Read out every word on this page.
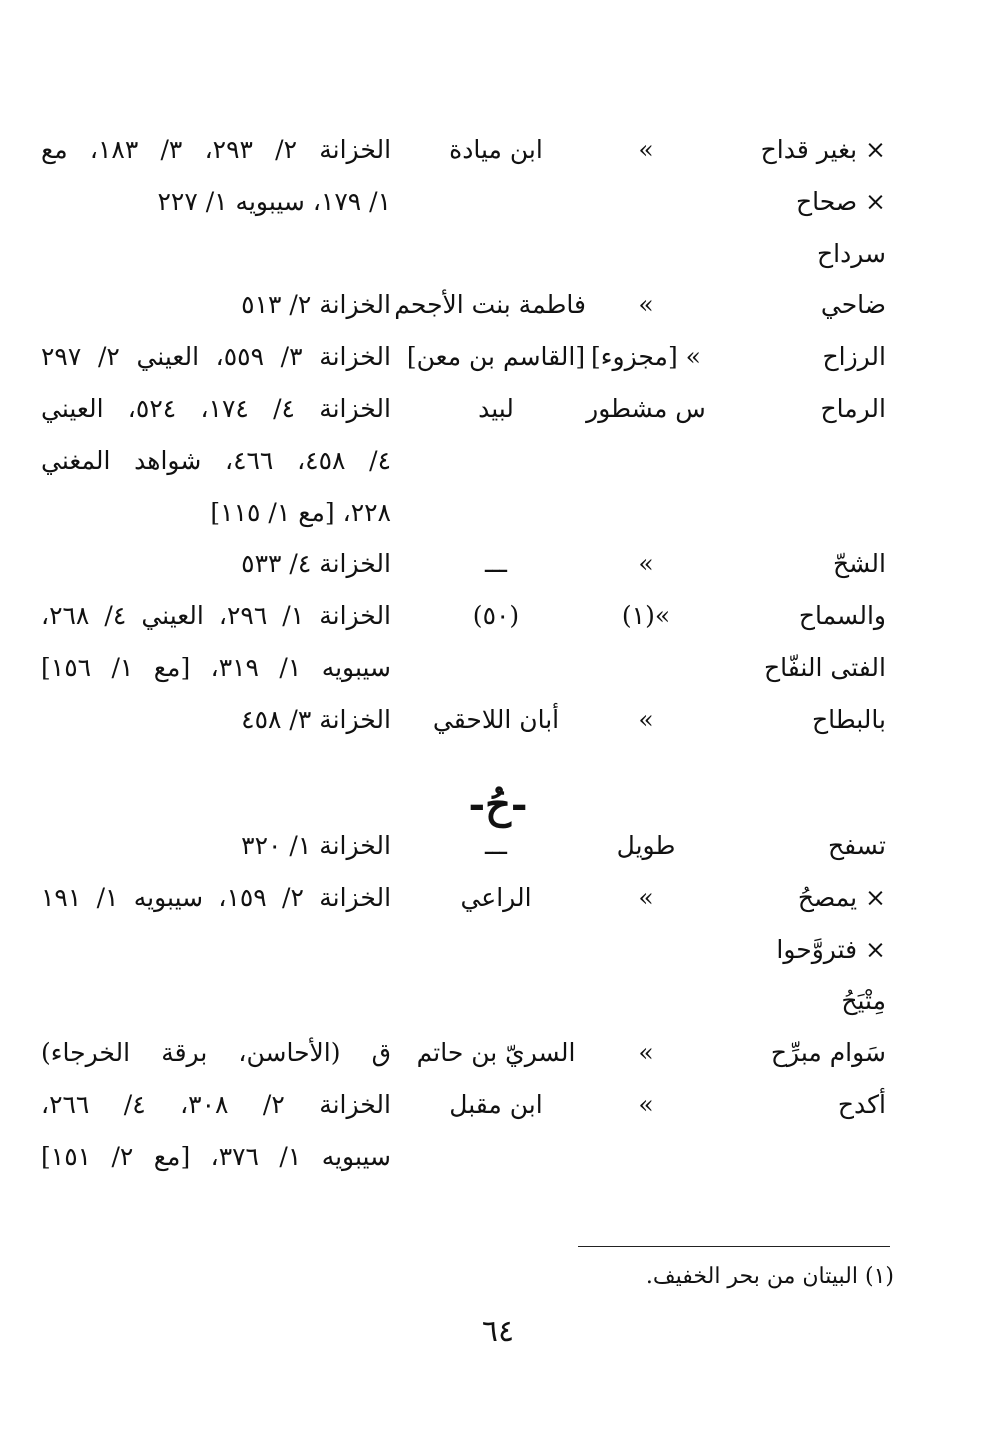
× بغير قداح
»
ابن ميادة
الخزانة ٢/ ٢٩٣، ٣/ ١٨٣، مع
× صحاح
١/ ١٧٩، سيبويه ١/ ٢٢٧
سرداح
ضاحي
»
فاطمة بنت الأجحم
الخزانة ٢/ ٥١٣
الرزاح
» [مجزوء]
[القاسم بن معن]
الخزانة ٣/ ٥٥٩، العيني ٢/ ٢٩٧
الرماح
س مشطور
لبيد
الخزانة ٤/ ١٧٤، ٥٢٤، العيني
٤/ ٤٥٨، ٤٦٦، شواهد المغني
٢٢٨، [مع ١/ ١١٥]
الشحّ
»
ـــ
الخزانة ٤/ ٥٣٣
والسماح
»(١)
(٥٠)
الخزانة ١/ ٢٩٦، العيني ٤/ ٢٦٨،
الفتى النفّاح
سيبويه ١/ ٣١٩، [مع ١/ ١٥٦]
بالبطاح
»
أبان اللاحقي
الخزانة ٣/ ٤٥٨
-حُ-
تسفح
طويل
ـــ
الخزانة ١/ ٣٢٠
× يمصحُ
»
الراعي
الخزانة ٢/ ١٥٩، سيبويه ١/ ١٩١
× فتروَّحوا
مِتْيَحُ
سَوام مبرِّح
»
السريّ بن حاتم
ق (الأحاسن، برقة الخرجاء)
أكدح
»
ابن مقبل
الخزانة ٢/ ٣٠٨، ٤/ ٢٦٦،
سيبويه ١/ ٣٧٦، [مع ٢/ ١٥١]
(١) البيتان من بحر الخفيف.
٦٤
